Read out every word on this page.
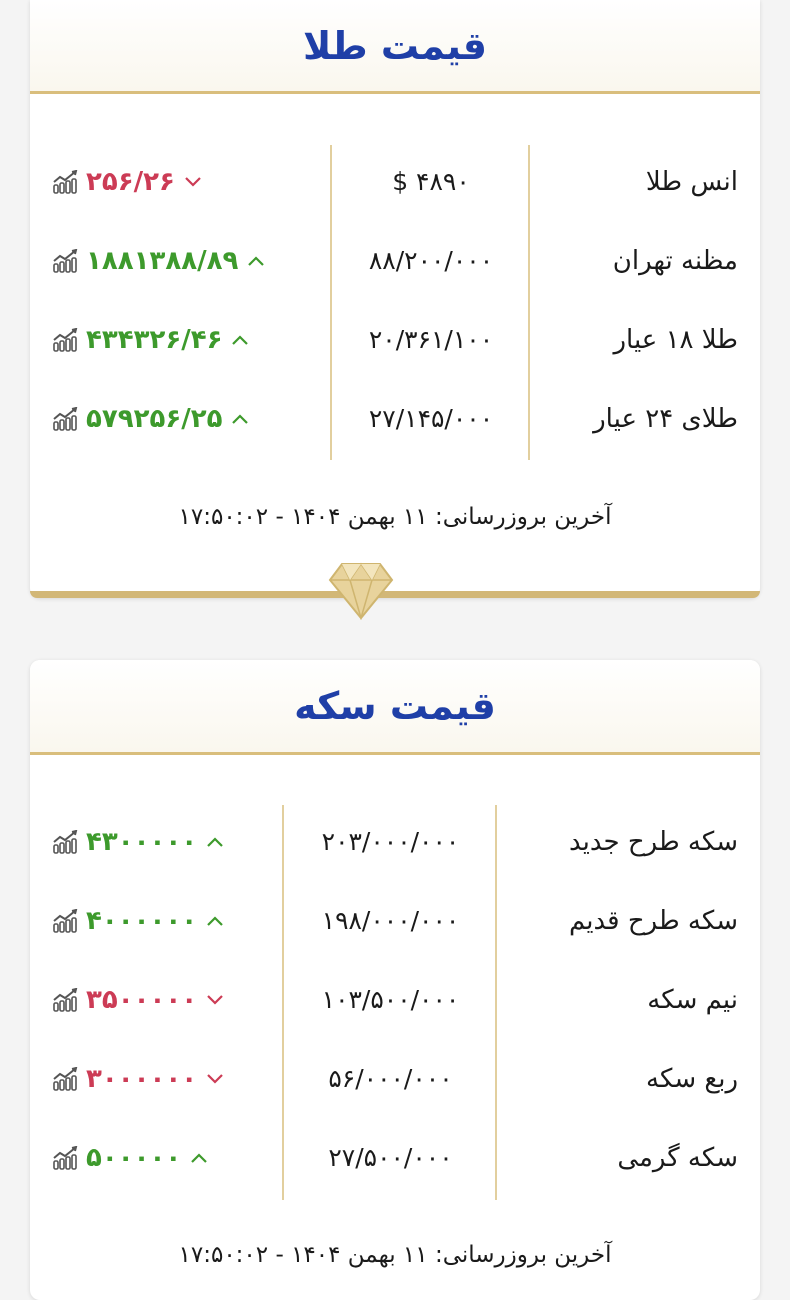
قیمت طلا
انس طلا
$ ۴۸۹۰
۲۵۶/۲۶
مظنه تهران
۸۸/۲۰۰/۰۰۰
۱۸۸۱۳۸۸/۸۹
طلا ۱۸ عیار
۲۰/۳۶۱/۱۰۰
۴۳۴۳۲۶/۴۶
طلای ۲۴ عیار
۲۷/۱۴۵/۰۰۰
۵۷۹۲۵۶/۲۵
آخرین بروزرسانی: ۱۱ بهمن ۱۴۰۴ - ۱۷:۵۰:۰۲
قیمت سکه
سکه طرح جدید
۲۰۳/۰۰۰/۰۰۰
۴۳۰۰۰۰۰
سکه طرح قدیم
۱۹۸/۰۰۰/۰۰۰
۴۰۰۰۰۰۰
نیم سکه
۱۰۳/۵۰۰/۰۰۰
۳۵۰۰۰۰۰
ربع سکه
۵۶/۰۰۰/۰۰۰
۳۰۰۰۰۰۰
سکه گرمی
۲۷/۵۰۰/۰۰۰
۵۰۰۰۰۰
آخرین بروزرسانی: ۱۱ بهمن ۱۴۰۴ - ۱۷:۵۰:۰۲
